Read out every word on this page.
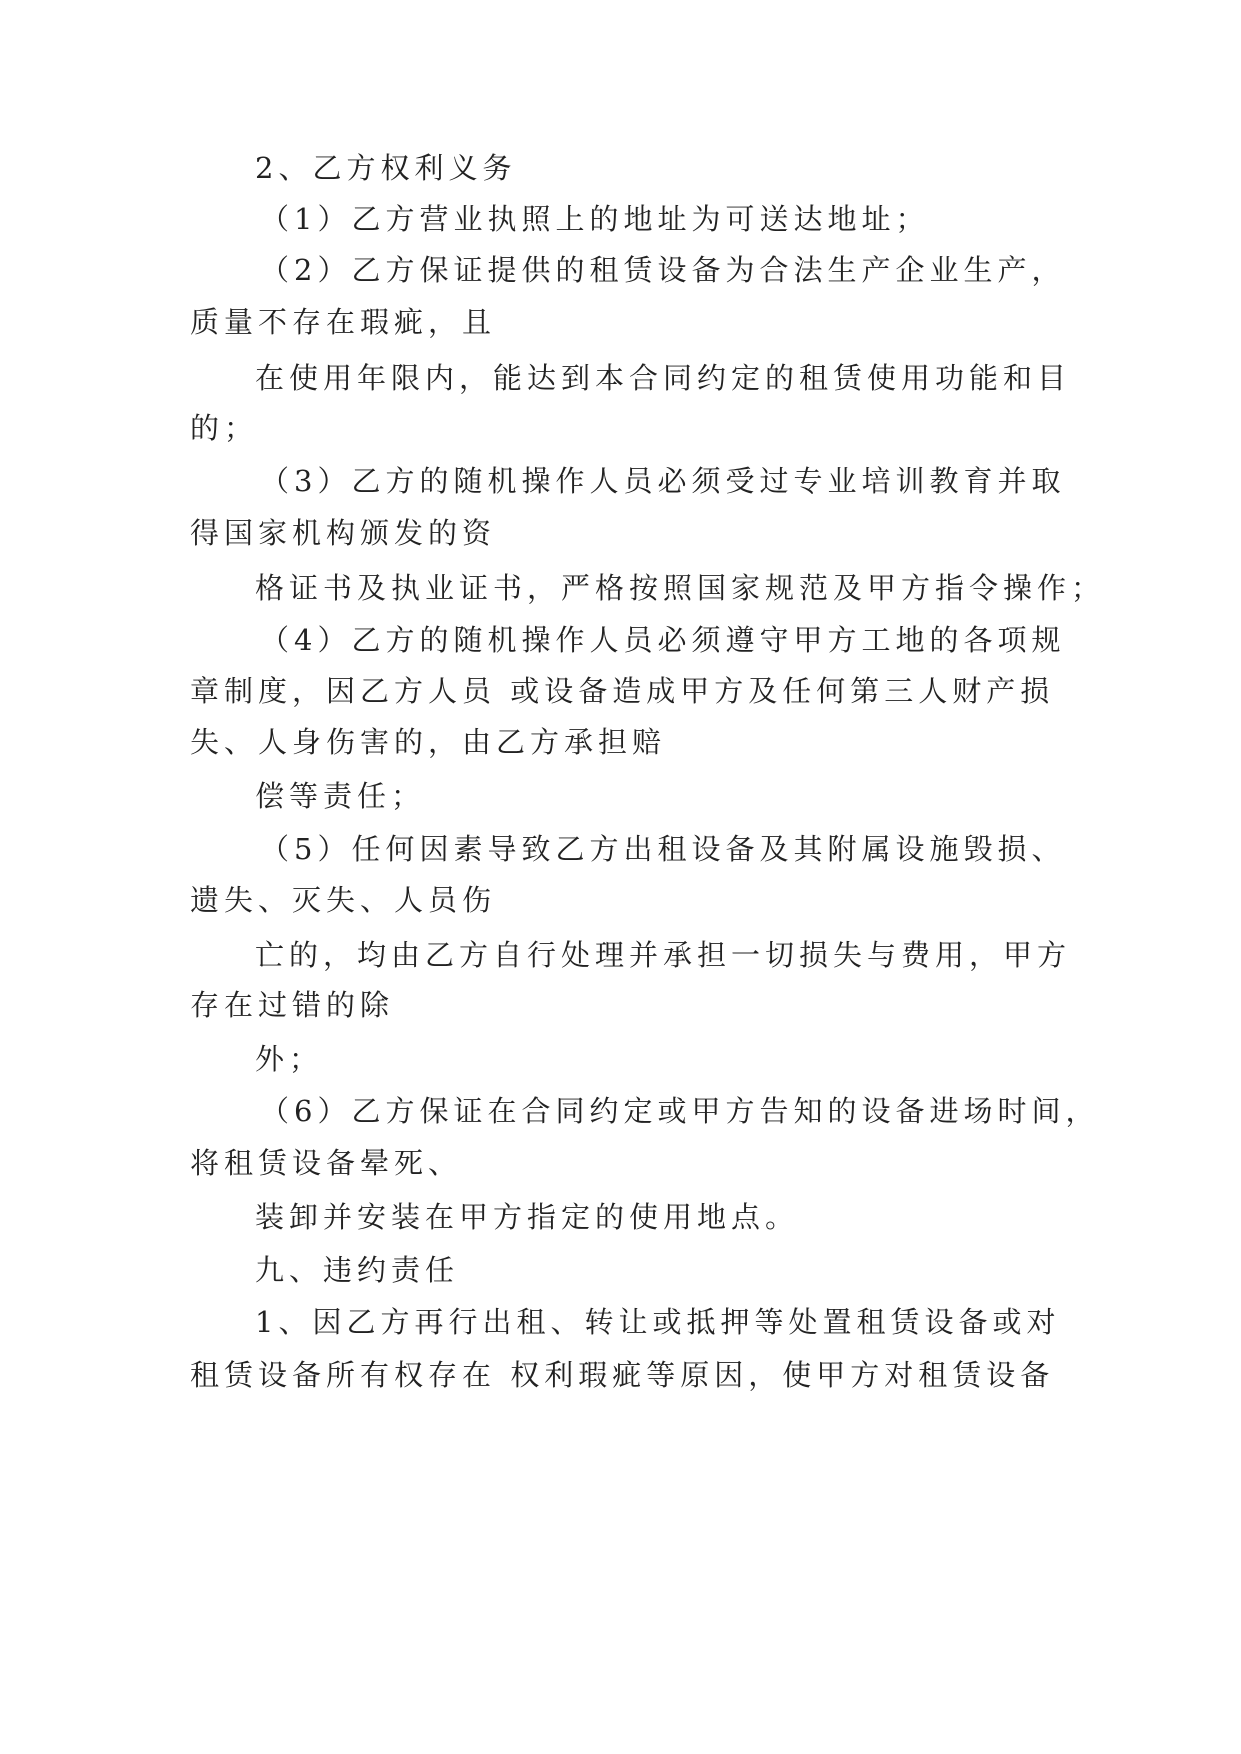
2、乙方权利义务
（1）乙方营业执照上的地址为可送达地址；
（2）乙方保证提供的租赁设备为合法生产企业生产，
质量不存在瑕疵，且
在使用年限内，能达到本合同约定的租赁使用功能和目
的；
（3）乙方的随机操作人员必须受过专业培训教育并取
得国家机构颁发的资
格证书及执业证书，严格按照国家规范及甲方指令操作；
（4）乙方的随机操作人员必须遵守甲方工地的各项规
章制度，因乙方人员 或设备造成甲方及任何第三人财产损
失、人身伤害的，由乙方承担赔
偿等责任；
（5）任何因素导致乙方出租设备及其附属设施毁损、
遗失、灭失、人员伤
亡的，均由乙方自行处理并承担一切损失与费用，甲方
存在过错的除
外；
（6）乙方保证在合同约定或甲方告知的设备进场时间，
将租赁设备晕死、
装卸并安装在甲方指定的使用地点。
九、违约责任
1、因乙方再行出租、转让或抵押等处置租赁设备或对
租赁设备所有权存在 权利瑕疵等原因，使甲方对租赁设备
